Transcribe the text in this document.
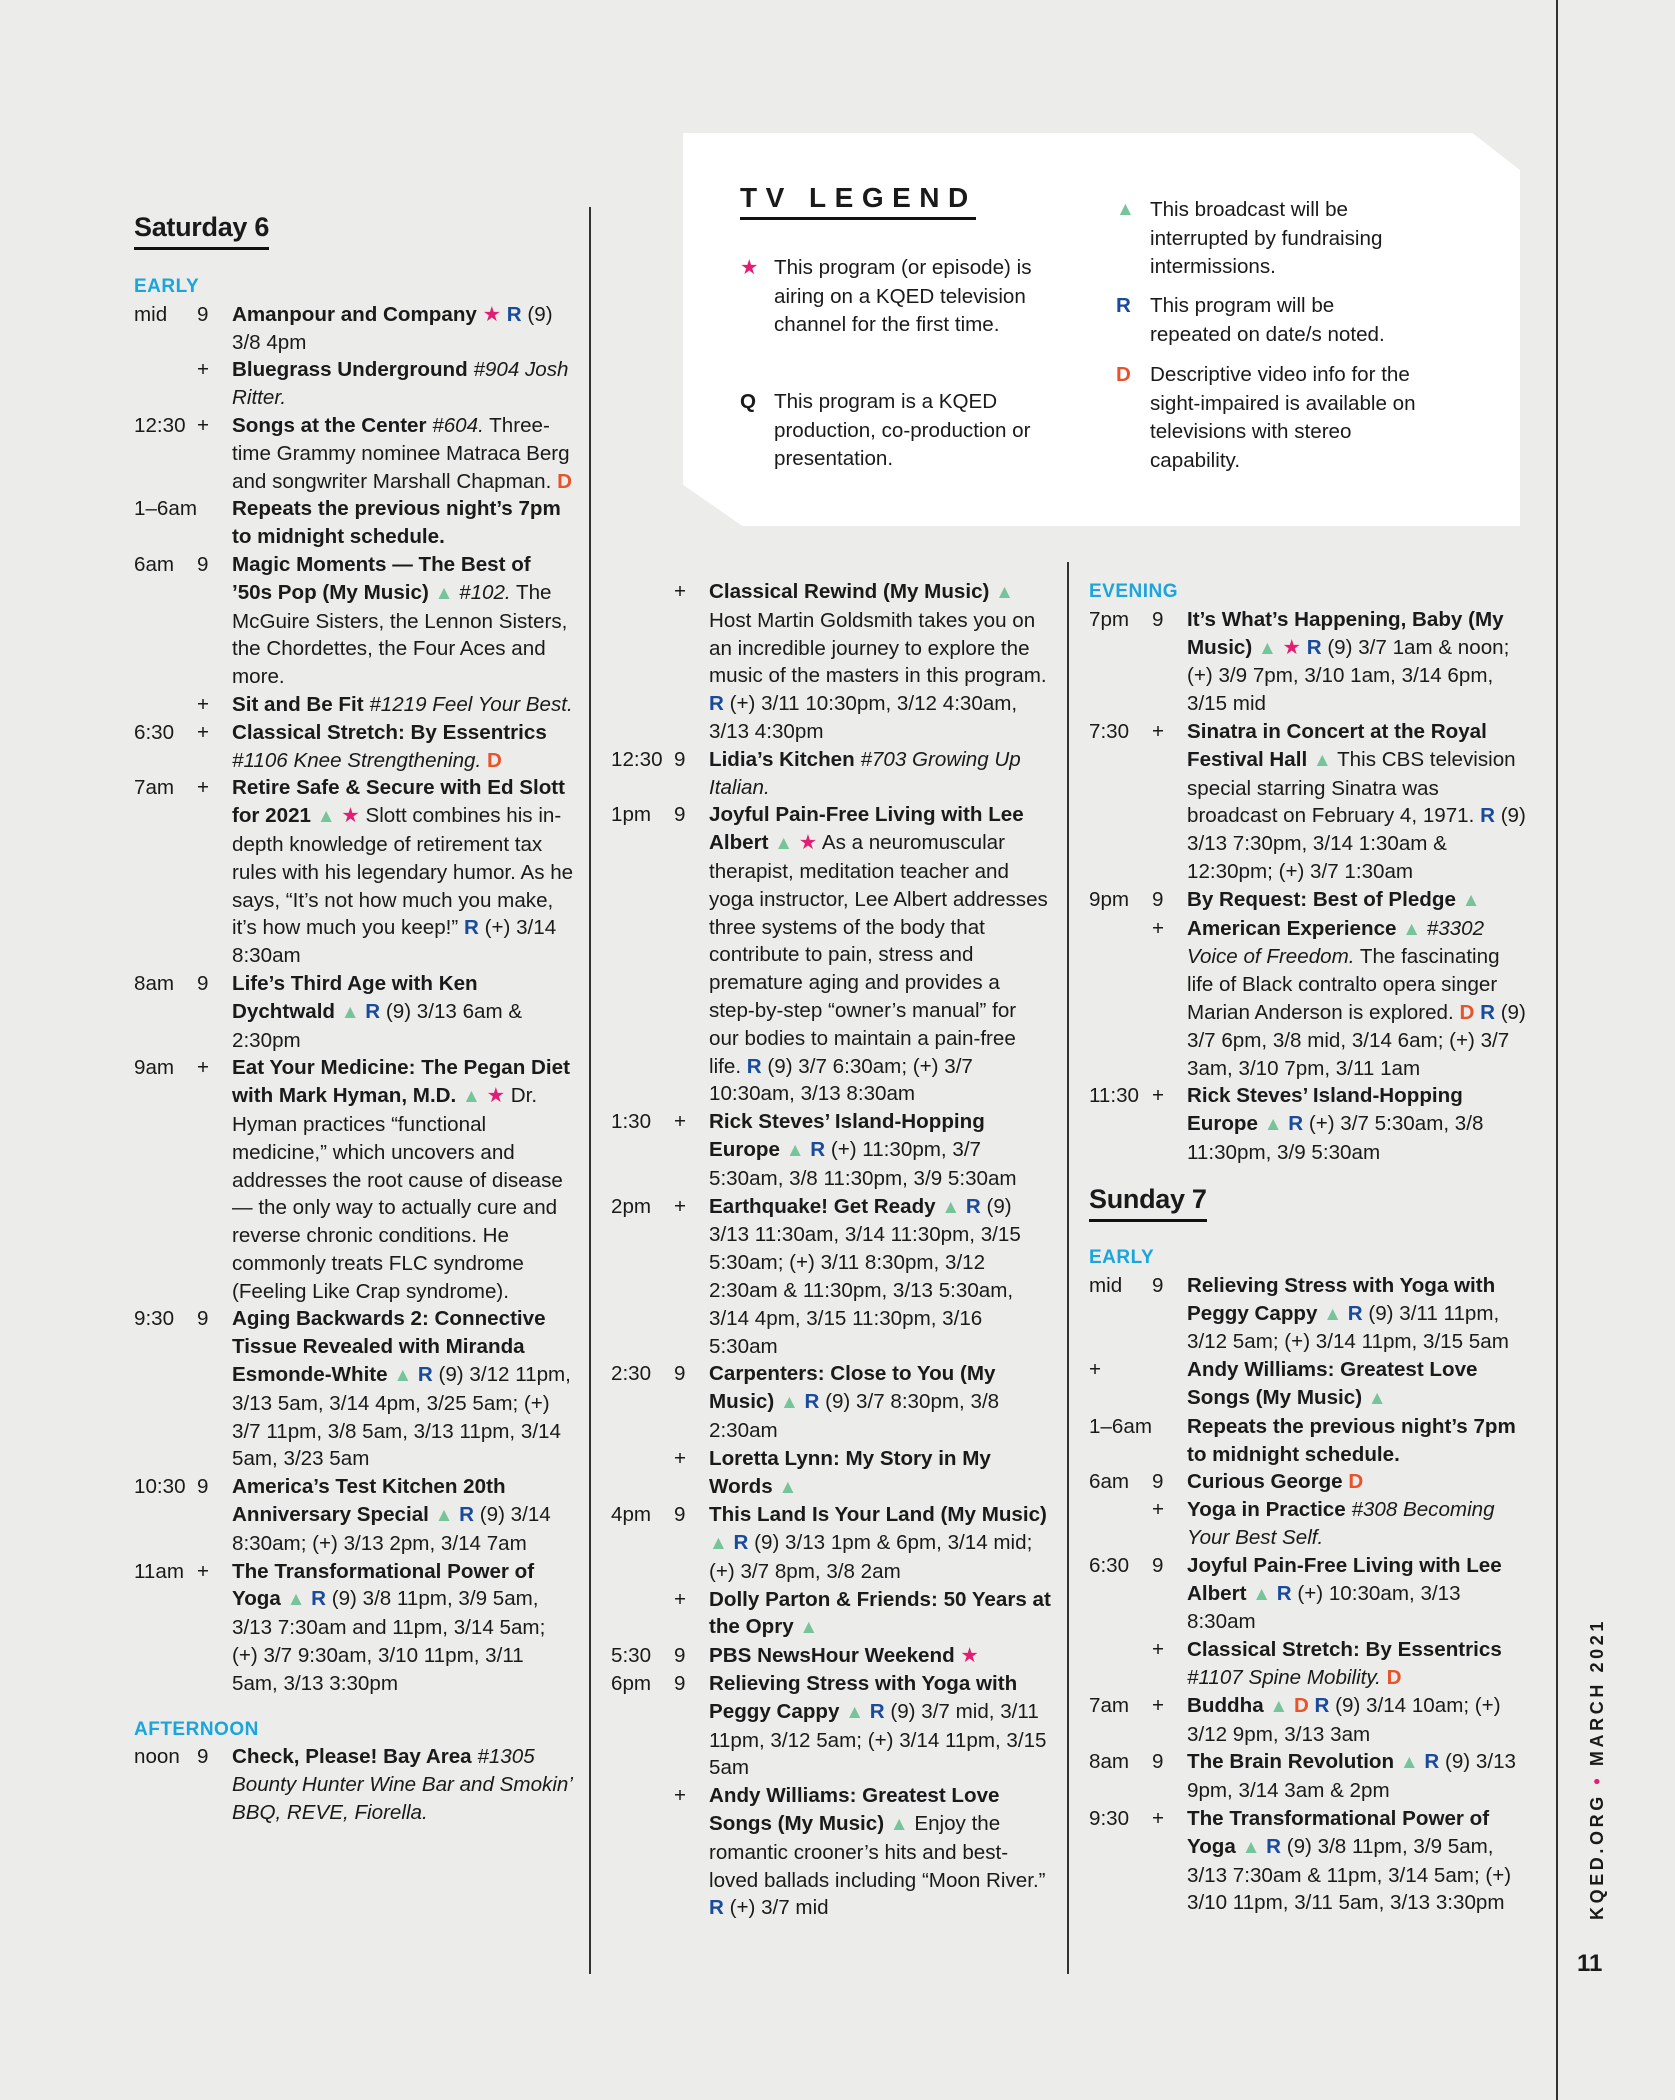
TV LEGEND
★ This program (or episode) is airing on a KQED television channel for the first time.
Q This program is a KQED production, co-production or presentation.
▲ This broadcast will be interrupted by fundraising intermissions.
R This program will be repeated on date/s noted.
D Descriptive video info for the sight-impaired is available on televisions with stereo capability.
Saturday 6
Sunday 7
EARLY
mid 9 Amanpour and Company ★ R (9) 3/8 4pm
+ Bluegrass Underground #904 Josh Ritter.
12:30 + Songs at the Center #604. Three-time Grammy nominee Matraca Berg and songwriter Marshall Chapman. D
1–6am Repeats the previous night’s 7pm to midnight schedule.
6am 9 Magic Moments — The Best of ’50s Pop (My Music) ▲ #102. The McGuire Sisters, the Lennon Sisters, the Chordettes, the Four Aces and more.
+ Sit and Be Fit #1219 Feel Your Best.
6:30 + Classical Stretch: By Essentrics #1106 Knee Strengthening. D
7am + Retire Safe & Secure with Ed Slott for 2021 ▲ ★ Slott combines his in-depth knowledge of retirement tax rules with his legendary humor. As he says, “It’s not how much you make, it’s how much you keep!” R (+) 3/14 8:30am
8am 9 Life’s Third Age with Ken Dychtwald ▲ R (9) 3/13 6am & 2:30pm
9am + Eat Your Medicine: The Pegan Diet with Mark Hyman, M.D. ▲ ★ Dr. Hyman practices “functional medicine,” which uncovers and addresses the root cause of disease — the only way to actually cure and reverse chronic conditions. He commonly treats FLC syndrome (Feeling Like Crap syndrome).
9:30 9 Aging Backwards 2: Connective Tissue Revealed with Miranda Esmonde-White ▲ R (9) 3/12 11pm, 3/13 5am, 3/14 4pm, 3/25 5am; (+) 3/7 11pm, 3/8 5am, 3/13 11pm, 3/14 5am, 3/23 5am
10:30 9 America’s Test Kitchen 20th Anniversary Special ▲ R (9) 3/14 8:30am; (+) 3/13 2pm, 3/14 7am
11am + The Transformational Power of Yoga ▲ R (9) 3/8 11pm, 3/9 5am, 3/13 7:30am and 11pm, 3/14 5am; (+) 3/7 9:30am, 3/10 11pm, 3/11 5am, 3/13 3:30pm
AFTERNOON
noon 9 Check, Please! Bay Area #1305 Bounty Hunter Wine Bar and Smokin’ BBQ, REVE, Fiorella.
+ Classical Rewind (My Music) ▲ Host Martin Goldsmith takes you on an incredible journey to explore the music of the masters in this program. R (+) 3/11 10:30pm, 3/12 4:30am, 3/13 4:30pm
12:30 9 Lidia’s Kitchen #703 Growing Up Italian.
1pm 9 Joyful Pain-Free Living with Lee Albert ▲ ★ As a neuromuscular therapist, meditation teacher and yoga instructor, Lee Albert addresses three systems of the body that contribute to pain, stress and premature aging and provides a step-by-step “owner’s manual” for our bodies to maintain a pain-free life. R (9) 3/7 6:30am; (+) 3/7 10:30am, 3/13 8:30am
1:30 + Rick Steves’ Island-Hopping Europe ▲ R (+) 11:30pm, 3/7 5:30am, 3/8 11:30pm, 3/9 5:30am
2pm + Earthquake! Get Ready ▲ R (9) 3/13 11:30am, 3/14 11:30pm, 3/15 5:30am; (+) 3/11 8:30pm, 3/12 2:30am & 11:30pm, 3/13 5:30am, 3/14 4pm, 3/15 11:30pm, 3/16 5:30am
2:30 9 Carpenters: Close to You (My Music) ▲ R (9) 3/7 8:30pm, 3/8 2:30am
+ Loretta Lynn: My Story in My Words ▲
4pm 9 This Land Is Your Land (My Music) ▲ R (9) 3/13 1pm & 6pm, 3/14 mid; (+) 3/7 8pm, 3/8 2am
+ Dolly Parton & Friends: 50 Years at the Opry ▲
5:30 9 PBS NewsHour Weekend ★
6pm 9 Relieving Stress with Yoga with Peggy Cappy ▲ R (9) 3/7 mid, 3/11 11pm, 3/12 5am; (+) 3/14 11pm, 3/15 5am
+ Andy Williams: Greatest Love Songs (My Music) ▲ Enjoy the romantic crooner’s hits and best-loved ballads including “Moon River.” R (+) 3/7 mid
EVENING
7pm 9 It’s What’s Happening, Baby (My Music) ▲ ★ R (9) 3/7 1am & noon; (+) 3/9 7pm, 3/10 1am, 3/14 6pm, 3/15 mid
7:30 + Sinatra in Concert at the Royal Festival Hall ▲ This CBS television special starring Sinatra was broadcast on February 4, 1971. R (9) 3/13 7:30pm, 3/14 1:30am & 12:30pm; (+) 3/7 1:30am
9pm 9 By Request: Best of Pledge ▲
+ American Experience ▲ #3302 Voice of Freedom. The fascinating life of Black contralto opera singer Marian Anderson is explored. D R (9) 3/7 6pm, 3/8 mid, 3/14 6am; (+) 3/7 3am, 3/10 7pm, 3/11 1am
11:30 + Rick Steves’ Island-Hopping Europe ▲ R (+) 3/7 5:30am, 3/8 11:30pm, 3/9 5:30am
EARLY
mid 9 Relieving Stress with Yoga with Peggy Cappy ▲ R (9) 3/11 11pm, 3/12 5am; (+) 3/14 11pm, 3/15 5am
+	Andy Williams: Greatest Love Songs (My Music) ▲
1–6am Repeats the previous night’s 7pm to midnight schedule.
6am 9 Curious George D
+ Yoga in Practice #308 Becoming Your Best Self.
6:30 9 Joyful Pain-Free Living with Lee Albert ▲ R (+) 10:30am, 3/13 8:30am
+ Classical Stretch: By Essentrics #1107 Spine Mobility. D
7am + Buddha ▲ D R (9) 3/14 10am; (+) 3/12 9pm, 3/13 3am
8am 9 The Brain Revolution ▲ R (9) 3/13 9pm, 3/14 3am & 2pm
9:30 + The Transformational Power of Yoga ▲ R (9) 3/8 11pm, 3/9 5am, 3/13 7:30am & 11pm, 3/14 5am; (+) 3/10 11pm, 3/11 5am, 3/13 3:30pm	KQED.ORG • MARCH 2021
11
